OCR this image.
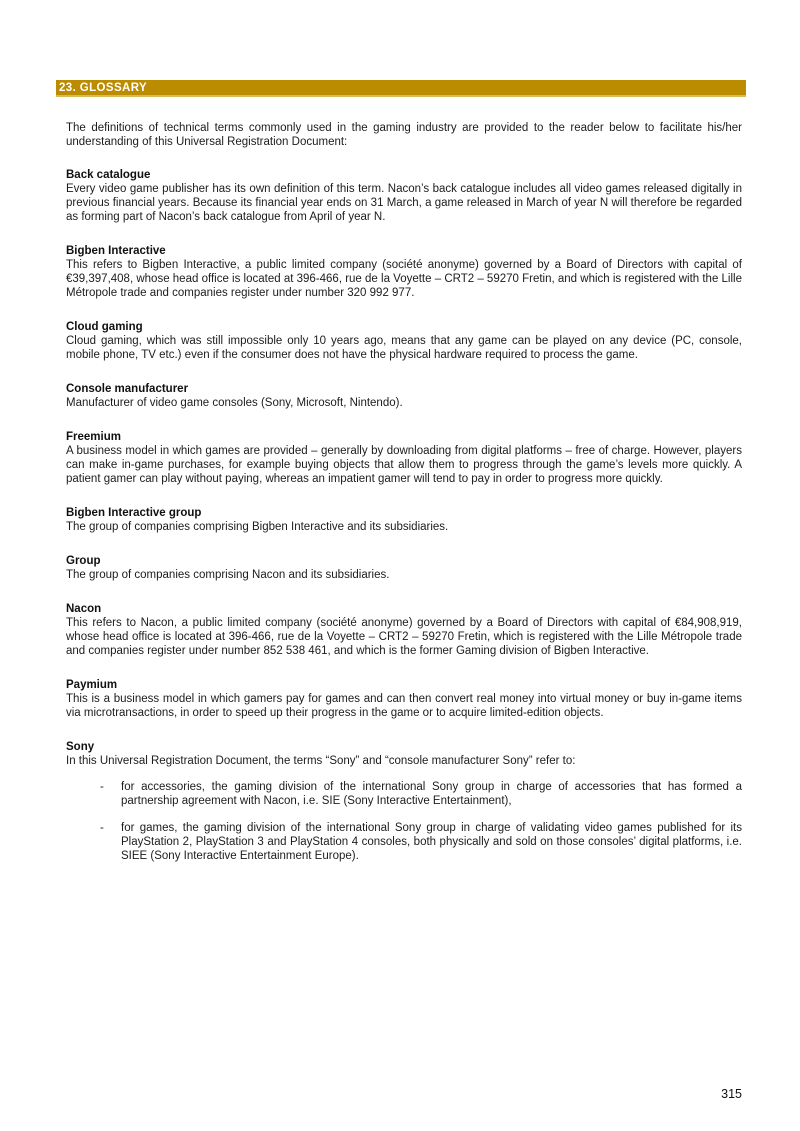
23. GLOSSARY

The definitions of technical terms commonly used in the gaming industry are provided to the reader below to facilitate his/her understanding of this Universal Registration Document:

Back catalogue

Every video game publisher has its own definition of this term. Nacon’s back catalogue includes all video games released digitally in previous financial years. Because its financial year ends on 31 March, a game released in March of year N will therefore be regarded as forming part of Nacon’s back catalogue from April of year N.

Bigben Interactive

This refers to Bigben Interactive, a public limited company (société anonyme) governed by a Board of Directors with capital of €39,397,408, whose head office is located at 396-466, rue de la Voyette – CRT2 – 59270 Fretin, and which is registered with the Lille Métropole trade and companies register under number 320 992 977.

Cloud gaming

Cloud gaming, which was still impossible only 10 years ago, means that any game can be played on any device (PC, console, mobile phone, TV etc.) even if the consumer does not have the physical hardware required to process the game.

Console manufacturer

Manufacturer of video game consoles (Sony, Microsoft, Nintendo).

Freemium

A business model in which games are provided – generally by downloading from digital platforms – free of charge. However, players can make in-game purchases, for example buying objects that allow them to progress through the game’s levels more quickly. A patient gamer can play without paying, whereas an impatient gamer will tend to pay in order to progress more quickly.

Bigben Interactive group

The group of companies comprising Bigben Interactive and its subsidiaries.

Group

The group of companies comprising Nacon and its subsidiaries.

Nacon

This refers to Nacon, a public limited company (société anonyme) governed by a Board of Directors with capital of €84,908,919, whose head office is located at 396-466, rue de la Voyette – CRT2 – 59270 Fretin, which is registered with the Lille Métropole trade and companies register under number 852 538 461, and which is the former Gaming division of Bigben Interactive.

Paymium

This is a business model in which gamers pay for games and can then convert real money into virtual money or buy in-game items via microtransactions, in order to speed up their progress in the game or to acquire limited-edition objects.

Sony

In this Universal Registration Document, the terms “Sony” and “console manufacturer Sony” refer to:

-	for accessories, the gaming division of the international Sony group in charge of accessories that has formed a partnership agreement with Nacon, i.e. SIE (Sony Interactive Entertainment),

-	for games, the gaming division of the international Sony group in charge of validating video games published for its PlayStation 2, PlayStation 3 and PlayStation 4 consoles, both physically and sold on those consoles’ digital platforms, i.e. SIEE (Sony Interactive Entertainment Europe).

315
